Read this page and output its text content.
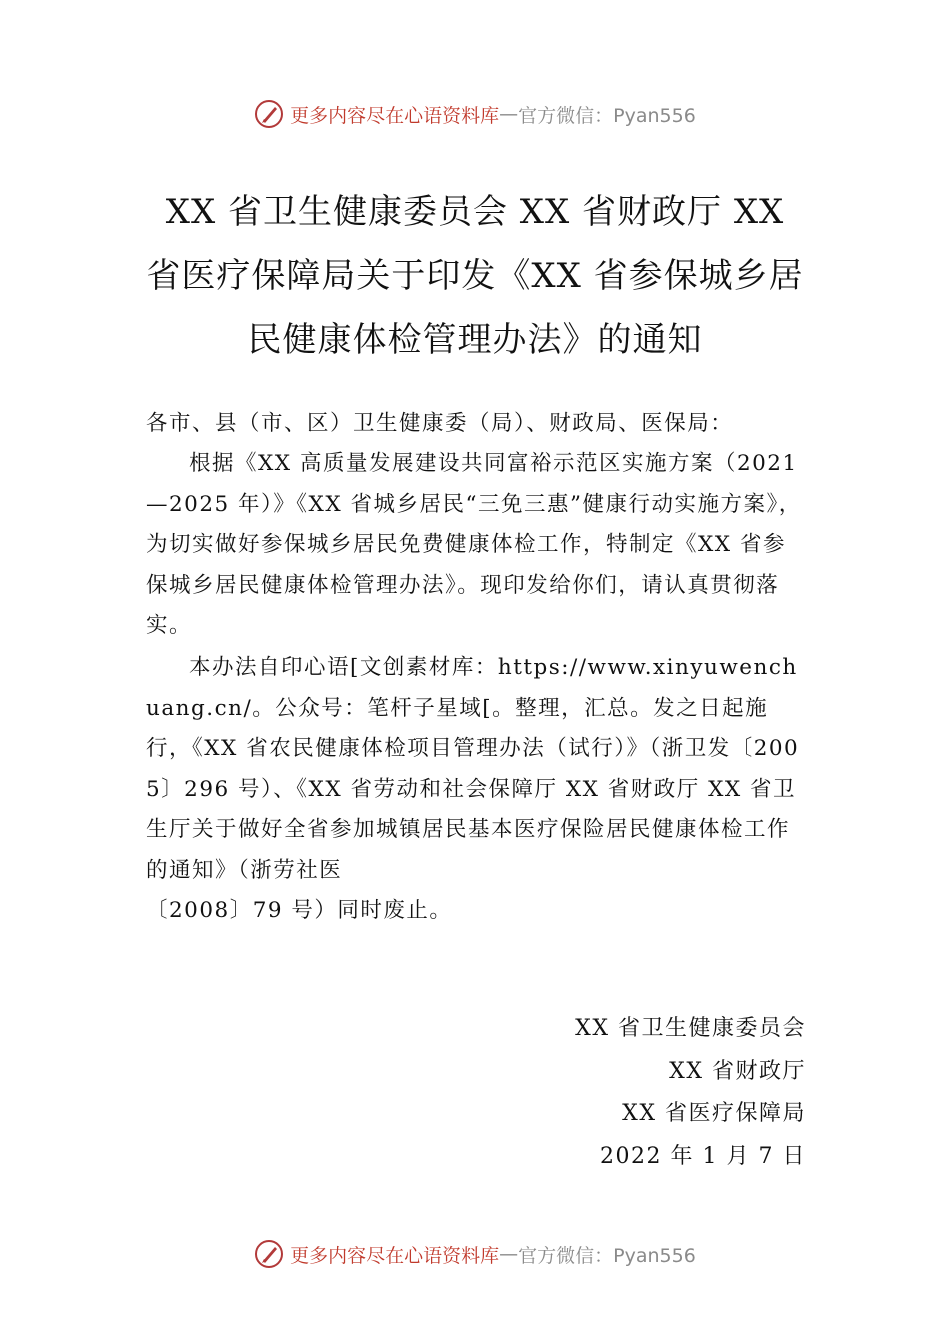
更多内容尽在心语资料库 — 官方微信：Pyan556
XX 省卫生健康委员会 XX 省财政厅 XX
省医疗保障局关于印发《XX 省参保城乡居
民健康体检管理办法》的通知

各市、县（市、区）卫生健康委（局）、财政局、医保局：

根据《XX 高质量发展建设共同富裕示范区实施方案（2021—2025 年）》《XX 省城乡居民“三免三惠”健康行动实施方案》，为切实做好参保城乡居民免费健康体检工作，特制定《XX 省参保城乡居民健康体检管理办法》。现印发给你们，请认真贯彻落实。

本办法自印心语[文创素材库：https://www.xinyuwenchuang.cn/。公众号：笔杆子星域[。整理，汇总。发之日起施行，《XX 省农民健康体检项目管理办法（试行）》（浙卫发〔2005〕296 号）、《XX 省劳动和社会保障厅 XX 省财政厅 XX 省卫生厅关于做好全省参加城镇居民基本医疗保险居民健康体检工作的通知》（浙劳社医

〔2008〕79 号）同时废止。

XX 省卫生健康委员会
XX 省财政厅
XX 省医疗保障局
2022 年 1 月 7 日
更多内容尽在心语资料库 — 官方微信：Pyan556
